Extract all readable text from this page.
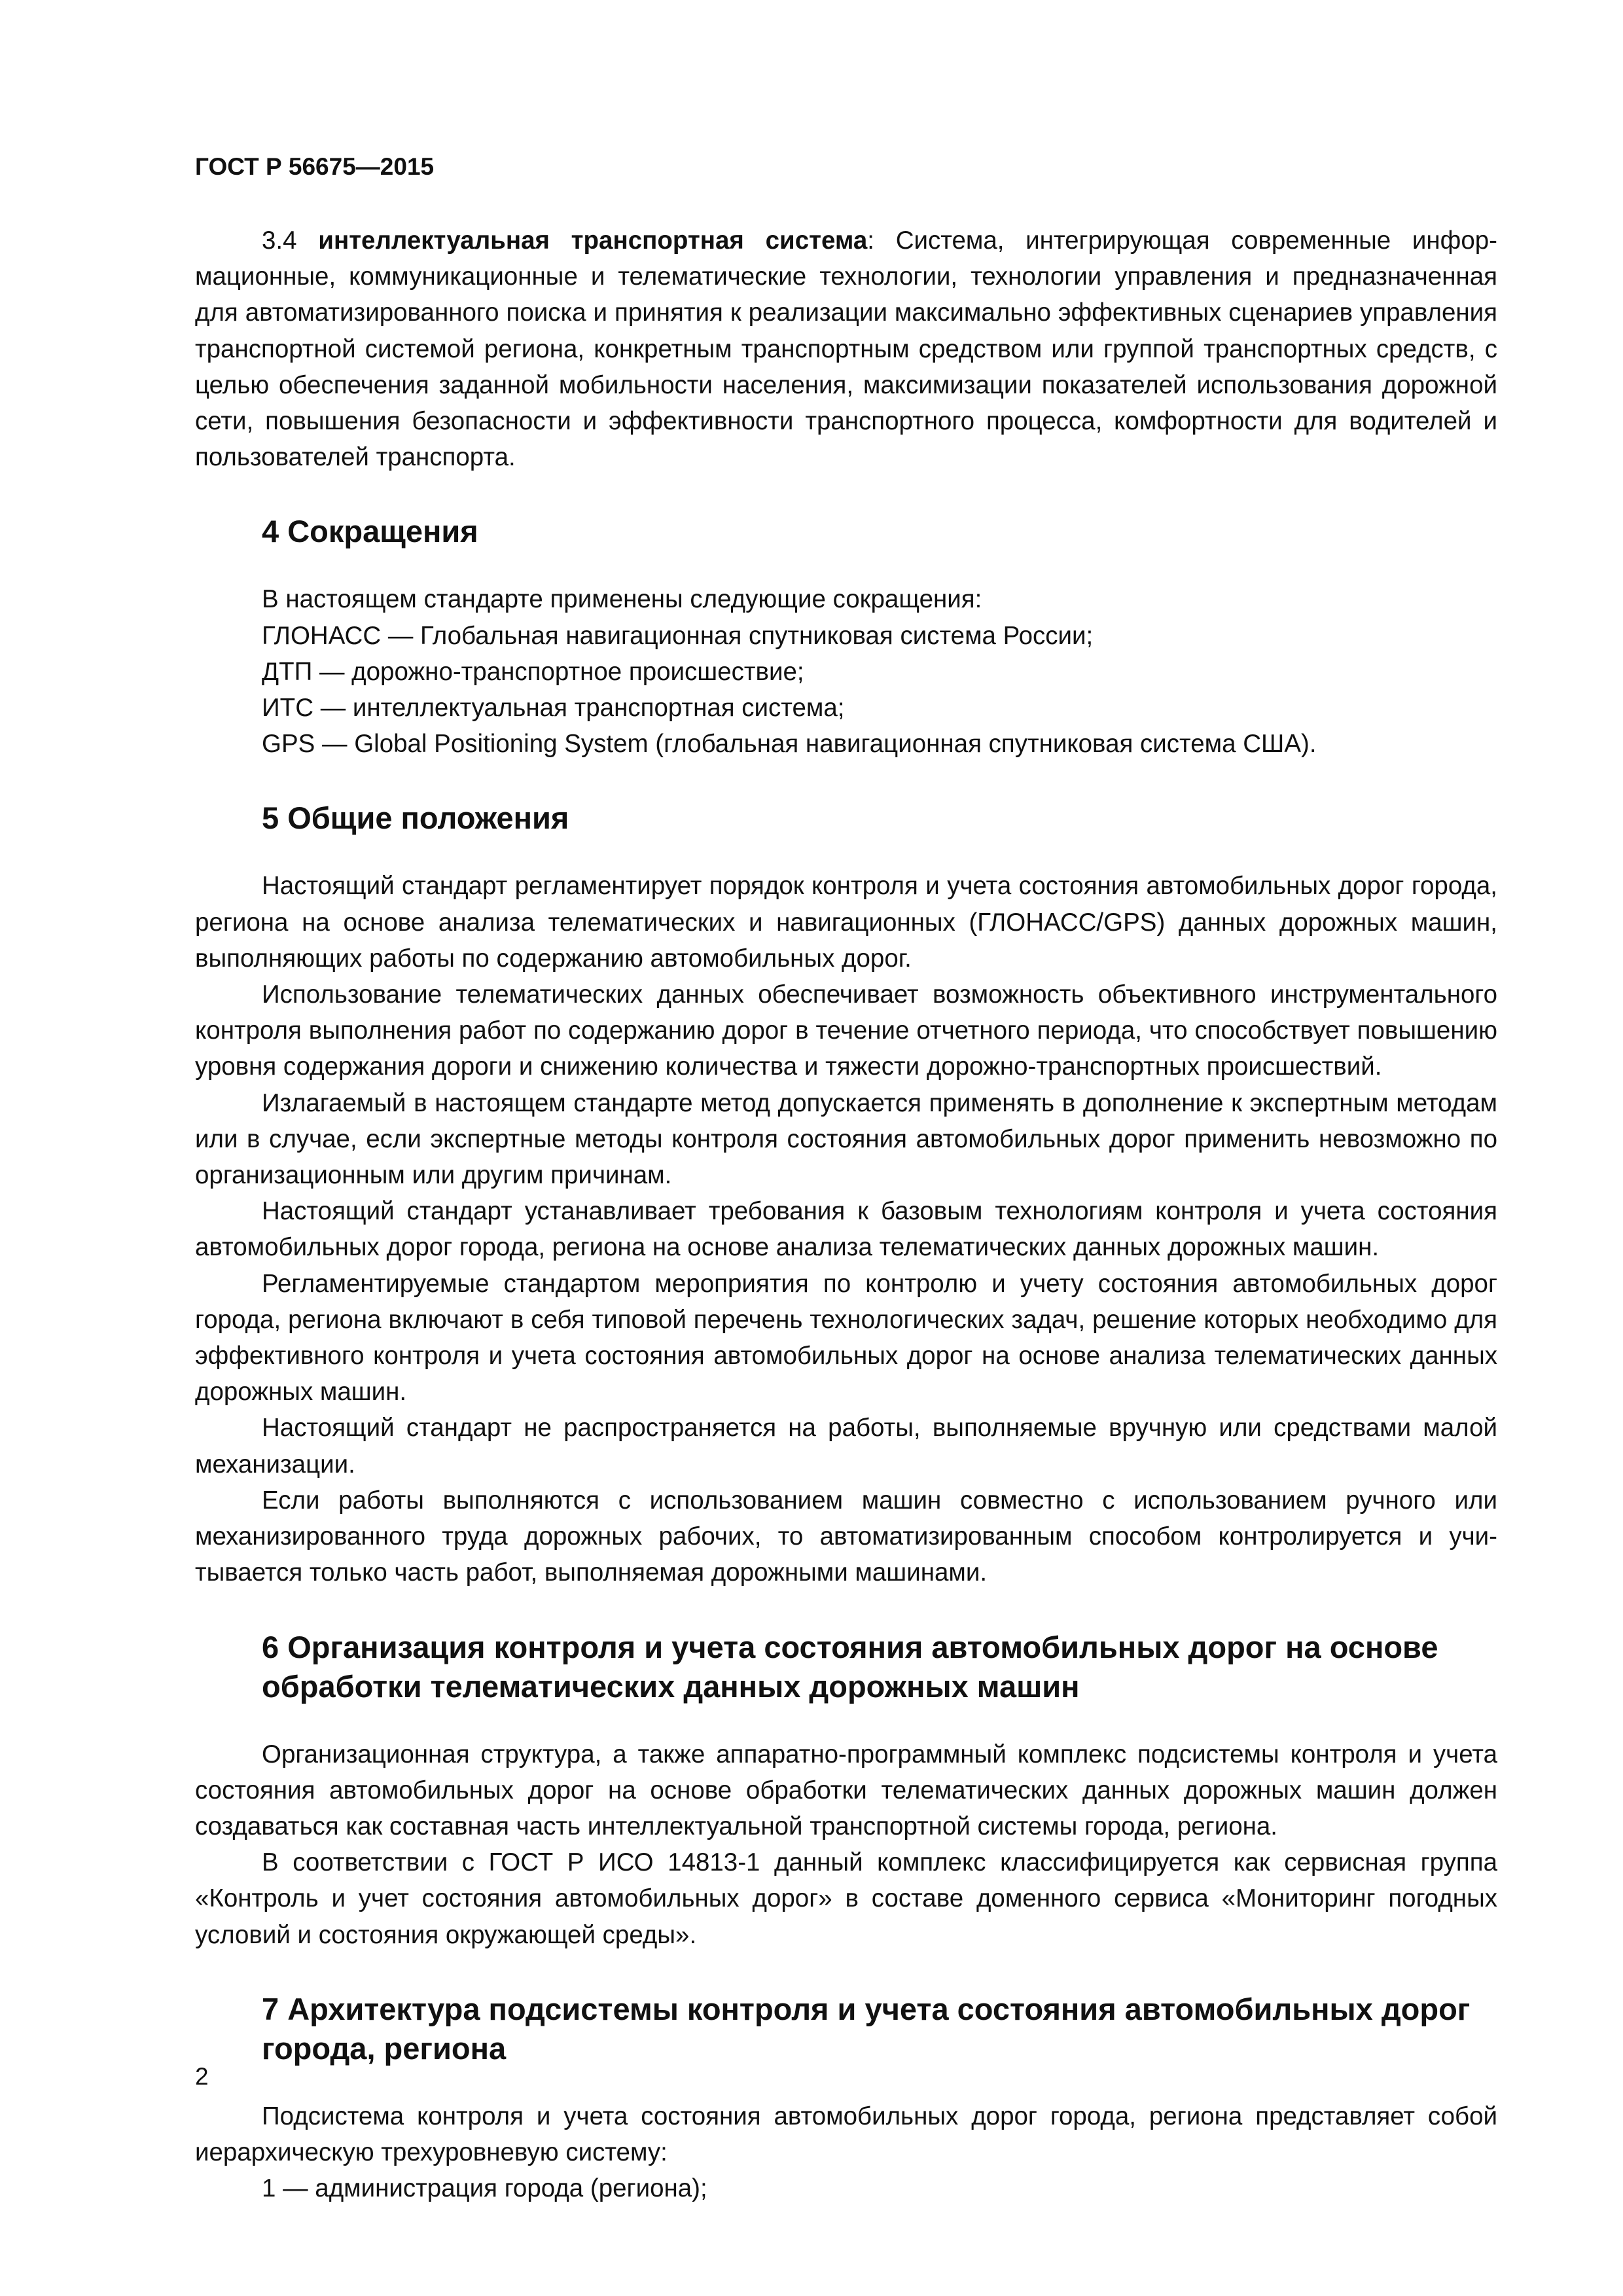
ГОСТ Р 56675—2015

3.4 интеллектуальная транспортная система: Система, интегрирующая современные информационные, коммуникационные и телематические технологии, технологии управления и предназначенная для автоматизированного поиска и принятия к реализации максимально эффективных сценариев управления транспортной системой региона, конкретным транспортным средством или группой транспортных средств, с целью обеспечения заданной мобильности населения, максимизации показателей использования дорожной сети, повышения безопасности и эффективности транспортного процесса, комфортности для водителей и пользователей транспорта.

4 Сокращения

В настоящем стандарте применены следующие сокращения:

ГЛОНАСС — Глобальная навигационная спутниковая система России;

ДТП — дорожно-транспортное происшествие;

ИТС — интеллектуальная транспортная система;

GPS — Global Positioning System (глобальная навигационная спутниковая система США).

5 Общие положения

Настоящий стандарт регламентирует порядок контроля и учета состояния автомобильных дорог города, региона на основе анализа телематических и навигационных (ГЛОНАСС/GPS) данных дорожных машин, выполняющих работы по содержанию автомобильных дорог.

Использование телематических данных обеспечивает возможность объективного инструментального контроля выполнения работ по содержанию дорог в течение отчетного периода, что способствует повышению уровня содержания дороги и снижению количества и тяжести дорожно-транспортных происшествий.

Излагаемый в настоящем стандарте метод допускается применять в дополнение к экспертным методам или в случае, если экспертные методы контроля состояния автомобильных дорог применить невозможно по организационным или другим причинам.

Настоящий стандарт устанавливает требования к базовым технологиям контроля и учета состояния автомобильных дорог города, региона на основе анализа телематических данных дорожных машин.

Регламентируемые стандартом мероприятия по контролю и учету состояния автомобильных дорог города, региона включают в себя типовой перечень технологических задач, решение которых необходимо для эффективного контроля и учета состояния автомобильных дорог на основе анализа телематических данных дорожных машин.

Настоящий стандарт не распространяется на работы, выполняемые вручную или средствами малой механизации.

Если работы выполняются с использованием машин совместно с использованием ручного или механизированного труда дорожных рабочих, то автоматизированным способом контролируется и учитывается только часть работ, выполняемая дорожными машинами.

6 Организация контроля и учета состояния автомобильных дорог на основе обработки телематических данных дорожных машин

Организационная структура, а также аппаратно-программный комплекс подсистемы контроля и учета состояния автомобильных дорог на основе обработки телематических данных дорожных машин должен создаваться как составная часть интеллектуальной транспортной системы города, региона.

В соответствии с ГОСТ Р ИСО 14813-1 данный комплекс классифицируется как сервисная группа «Контроль и учет состояния автомобильных дорог» в составе доменного сервиса «Мониторинг погодных условий и состояния окружающей среды».

7 Архитектура подсистемы контроля и учета состояния автомобильных дорог города, региона

Подсистема контроля и учета состояния автомобильных дорог города, региона представляет собой иерархическую трехуровневую систему:

1 — администрация города (региона);

2
